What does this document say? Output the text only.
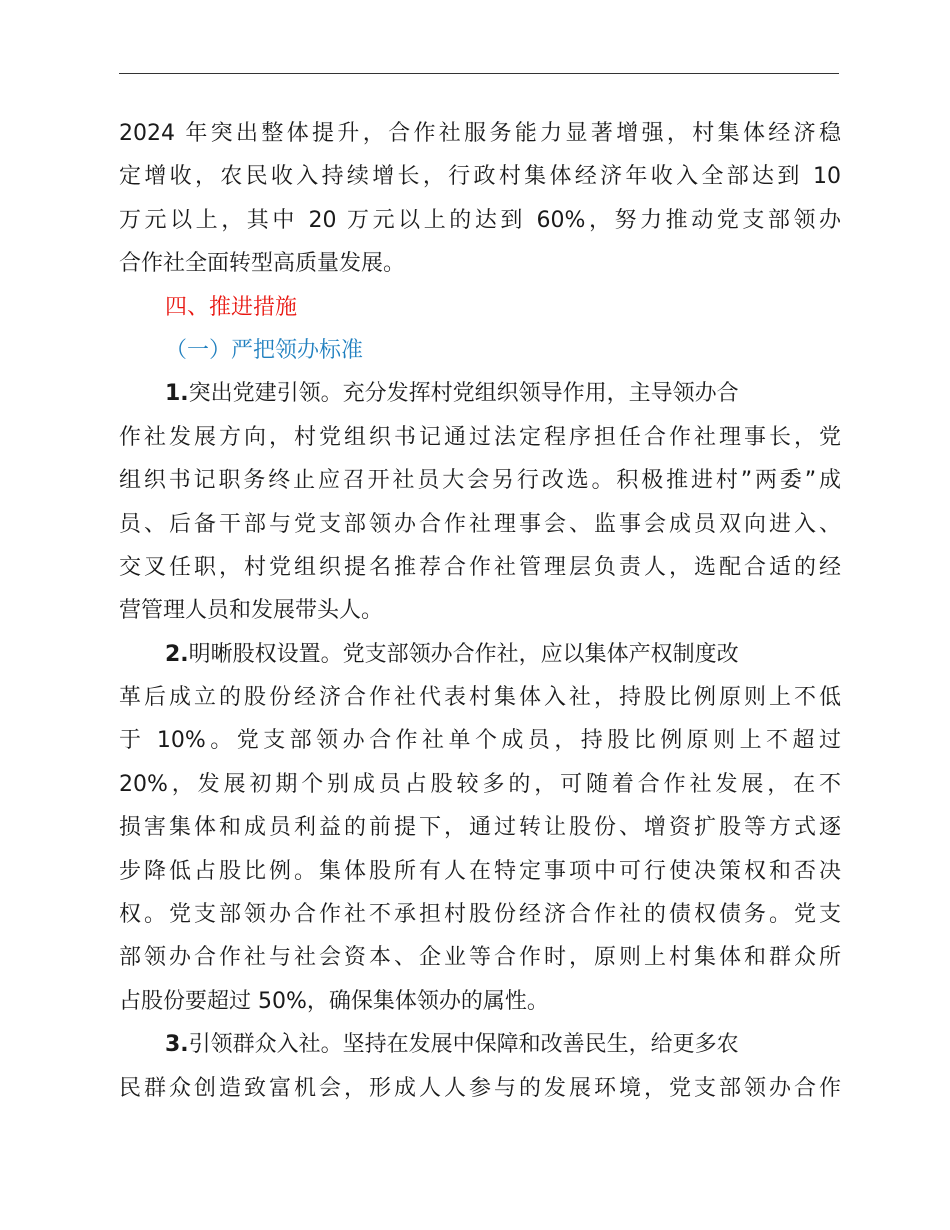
2024 年突出整体提升，合作社服务能力显著增强，村集体经济稳
定增收，农民收入持续增长，行政村集体经济年收入全部达到 10
万元以上，其中 20 万元以上的达到 60%，努力推动党支部领办
合作社全面转型高质量发展。
四、推进措施
（一）严把领办标准
1.突出党建引领。充分发挥村党组织领导作用，主导领办合
作社发展方向，村党组织书记通过法定程序担任合作社理事长，党
组织书记职务终止应召开社员大会另行改选。积极推进村”两委”成
员、后备干部与党支部领办合作社理事会、监事会成员双向进入、
交叉任职，村党组织提名推荐合作社管理层负责人，选配合适的经
营管理人员和发展带头人。
2.明晰股权设置。党支部领办合作社，应以集体产权制度改
革后成立的股份经济合作社代表村集体入社，持股比例原则上不低
于 10%。党支部领办合作社单个成员，持股比例原则上不超过
20%，发展初期个别成员占股较多的，可随着合作社发展，在不
损害集体和成员利益的前提下，通过转让股份、增资扩股等方式逐
步降低占股比例。集体股所有人在特定事项中可行使决策权和否决
权。党支部领办合作社不承担村股份经济合作社的债权债务。党支
部领办合作社与社会资本、企业等合作时，原则上村集体和群众所
占股份要超过 50%，确保集体领办的属性。
3.引领群众入社。坚持在发展中保障和改善民生，给更多农
民群众创造致富机会，形成人人参与的发展环境，党支部领办合作
